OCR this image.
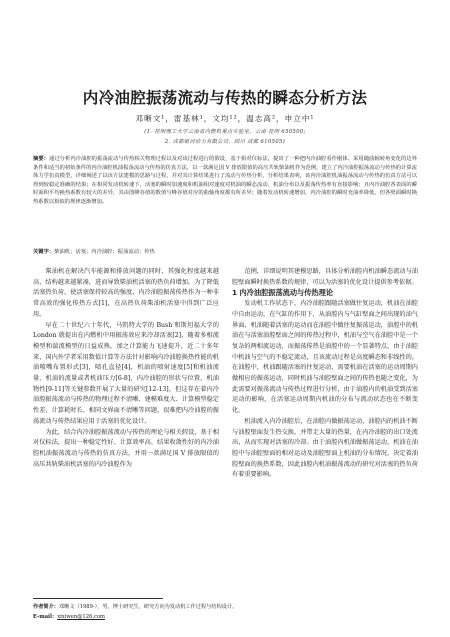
内冷油腔振荡流动与传热的瞬态分析方法
邓晰文¹，雷基林¹，文均¹²，温志高²，申立中¹
(1. 昆明理工大学云南省内燃机重点实验室，云南 昆明 650500;
2. 成都银河动力有限公司，四川 成都 610505)
摘要：通过分析内冷油腔的振荡流动与传热相关物理过程以及对该过程进行的假设，基于相对仪标法，提出了一种把内冷油腔看作刚体、采用随曲轴转角变化的边界条件和适当的初始条件的内冷油腔机油振荡流动与传热的仿真方法，以一款满足国 V 排放限值的高压共轨柴油机作为范例，建立了内冷油腔振荡流动与传热的计算流体力学仿真模型，详细阐述了以该方法建模的思路与过程，并对其计算结果进行了流动与传热分析，分析结果表明，该内冷油腔机油振荡流动与传热的仿真方法可以得到较稳定准确的结果；在相同发动机转速下，活塞的瞬时加速度和机油相对速度对机油的瞬态流动、机油分布以及振荡传热率有直接影响；且内冷油腔各表面的瞬时面积平均换热系数有较大的差异，其由图峰谷值的数值与峰谷值对应的曲轴角度都有所差异；随着发动机转速增加，内冷油腔的瞬时充油率降低，但各壁面瞬时换热系数以相似的规律逐渐增加。
关键字：柴油机；活塞；内冷油腔；振荡流动；传热

柴油机在解决汽车能源和排放问题的同时，其强化程度越来越高，结构越来越紧凑，进而导致柴油机活塞的热负荷增加。为了降低活塞热负荷，使活塞保持较高的强度，内冷油腔振荡传热作为一种非常高效的强化传热方式[1]，在高热负荷柴油机活塞中得到广泛应用。

早在二十世纪六十年代，马凯特大学的 Bush 和斯坦福大学的 London 就提出在内燃机中用振荡效应来冷却活塞[2]，随着多相流模型和湍流模型的日益成熟，加之计算能力飞速提升，近二十多年来，国内外学者采用数值计算等方法针对影响内冷油腔换热性能的机油喷嘴布置形式[3]，喷孔直径[4]，机油的喷射速度[5]和机油流量、机油的流量或者机油压力[6-8]，内冷油腔的形状与位置，机油物性[9-11]等关键参数开展了大量的研究[12-13]，但这存在着内冷油腔振荡流动与传热的物理过程不清晰、建模难度大、计算模型稳定性差、计算耗时长、相同文界面不清晰等问题，很难把内冷油腔的振荡流动与传热结果应用于活塞的优化设计。

为此，结合内冷油腔振荡流动与传热的理论与相关假设，基于相对仪标法，提出一种稳定性好、计算效率高、结果收敛性好的内冷油腔机油振荡流动与传热的仿真方法，并用一款满足国 V 排放限值的高压共轨柴油机活塞的内冷油腔作为

范例，详细说明其建模思路，具体分析油腔内机油瞬态流动与油腔壁面瞬时换热系数的规律，可以为活塞的优化设计提供参考依据。

1 内冷油腔振荡流动与传热理论

发动机工作状态下，内冷油腔跟随活塞做往复运动，机油在油腔中自由运动，在气缸的作用下，从油腔内与气缸壁面之间出现的油气界面，机油随着活塞的运动而在油腔中做往复振荡运动，油腔中的机油在与活塞油腔壁面之间的传热过程中，机油与空气在油腔中是一个复杂的两相流运动，而振荡传热是油腔中的一个显著特点，由于油腔中机油与空气的不稳定流动，且该流动过程是高度瞬态和非线性的。在油腔中，机油跟随活塞的往复运动，需要机油在活塞的运动周期内做相应的振荡运动，同时机油与油腔壁面之间的传热也随之变化，为此需要对振荡流动与传热过程进行分析，由于油腔内的机油受到活塞运动的影响，在活塞运动周期内机油的分布与流动状态也在不断变化。

机油流入内冷油腔后，在油腔内做振荡运动，油腔内的机油不断与油腔壁面发生热交换，并带走大量的热量，在内冷油腔的出口处流出，从而实现对活塞的冷却。由于油腔内机油做振荡运动，机油在油腔中与油腔壁面的相对运动及油腔壁面上机油的分布情况，决定着油腔壁面的换热系数，因此油腔内机油振荡流动的研究对活塞的热负荷有着重要影响。

作者简介：邓晰文（1989-），男，博士研究生，研究方向为发动机工作过程与结构设计。
E-mail：xixiwen@126.com
